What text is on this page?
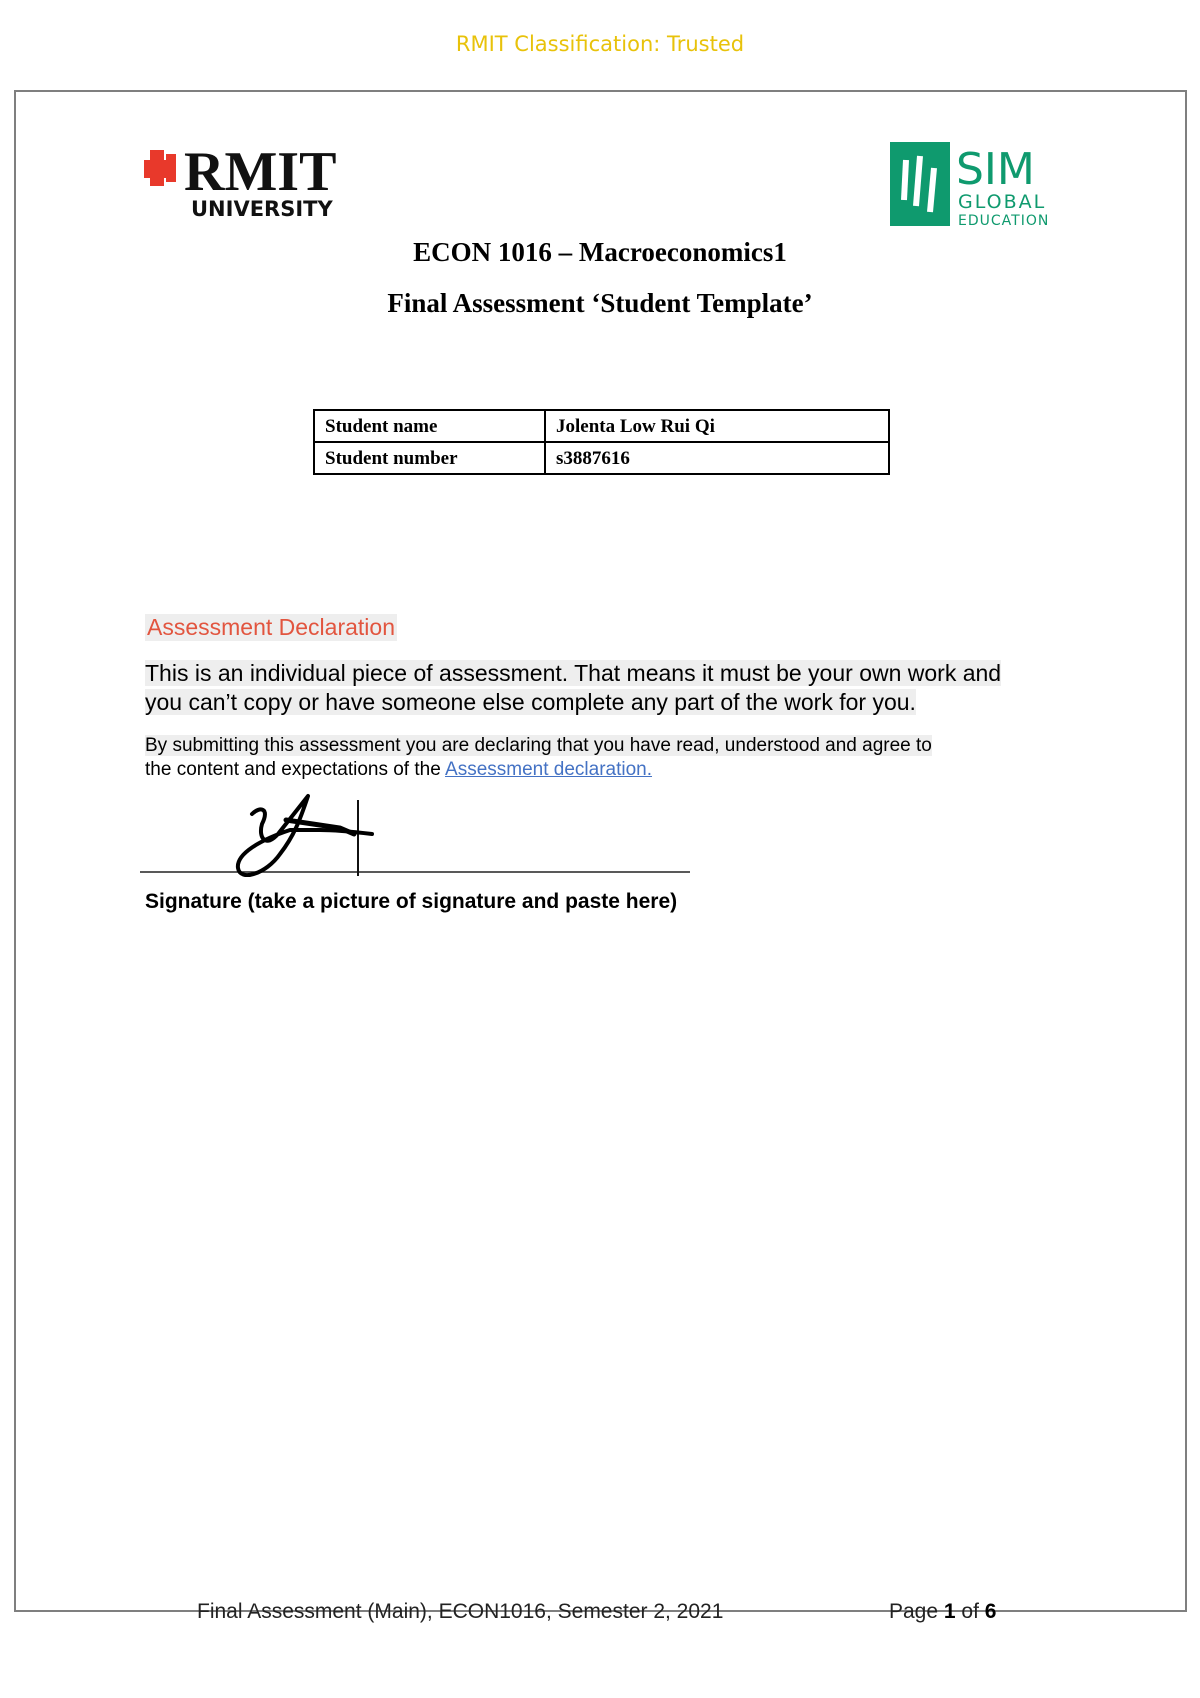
RMIT Classification: Trusted
RMIT
UNIVERSITY
SIM
GLOBAL
EDUCATION
ECON 1016 – Macroeconomics1
Final Assessment ‘Student Template’
Student name	Jolenta Low Rui Qi
Student number	s3887616
Assessment Declaration
This is an individual piece of assessment. That means it must be your own work and
you can’t copy or have someone else complete any part of the work for you.
By submitting this assessment you are declaring that you have read, understood and agree to
the content and expectations of the Assessment declaration.
Signature (take a picture of signature and paste here)
Final Assessment (Main), ECON1016, Semester 2, 2021	Page 1 of 6
